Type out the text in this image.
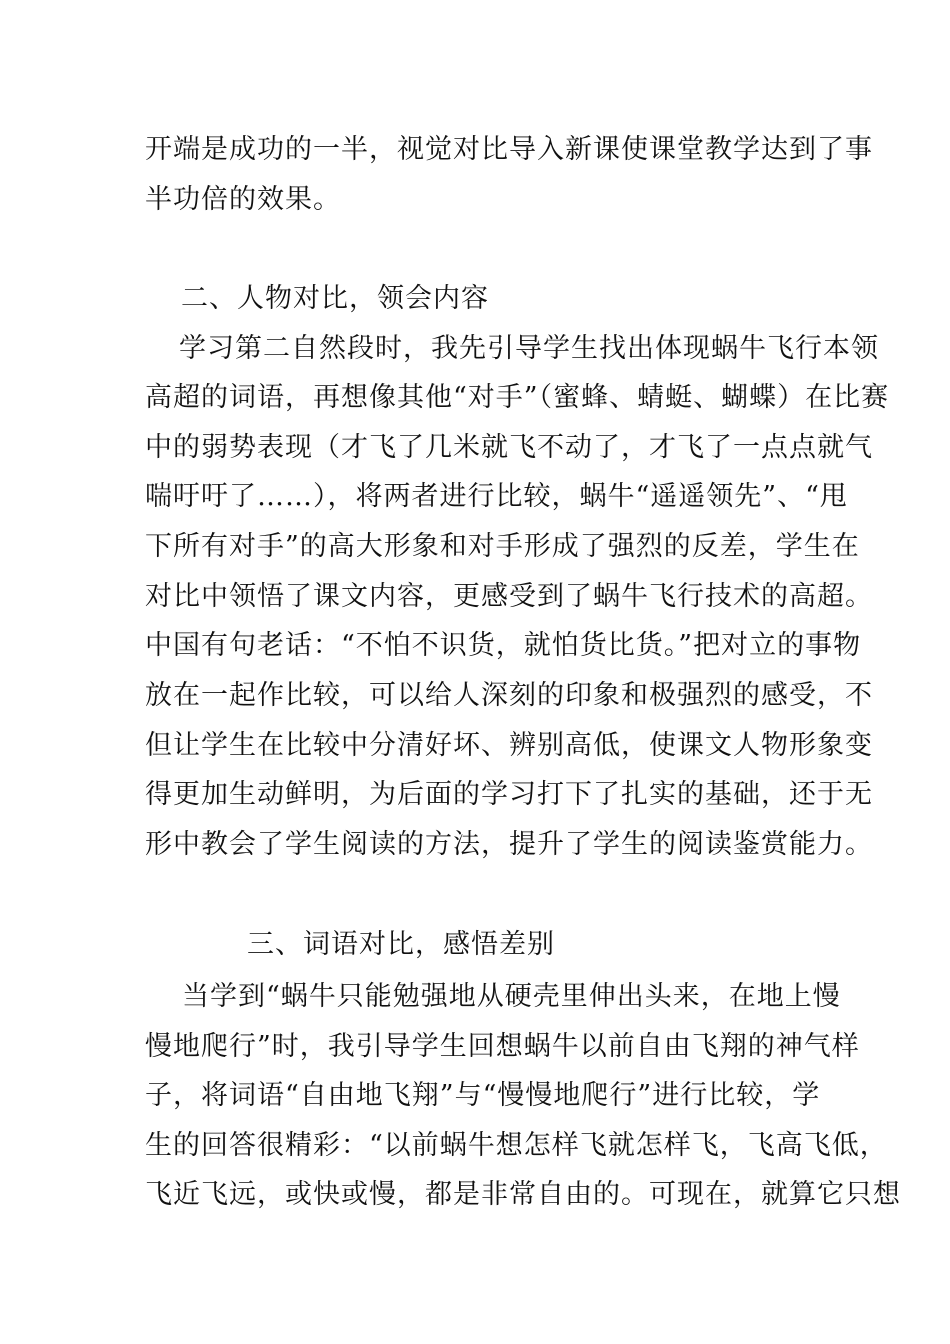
开端是成功的一半，视觉对比导入新课使课堂教学达到了事
半功倍的效果。
二、人物对比，领会内容
学习第二自然段时，我先引导学生找出体现蜗牛飞行本领
高超的词语，再想像其他“对手”（蜜蜂、蜻蜓、蝴蝶）在比赛
中的弱势表现（才飞了几米就飞不动了，才飞了一点点就气
喘吁吁了……），将两者进行比较，蜗牛“遥遥领先”、“甩
下所有对手”的高大形象和对手形成了强烈的反差，学生在
对比中领悟了课文内容，更感受到了蜗牛飞行技术的高超。
中国有句老话：“不怕不识货，就怕货比货。”把对立的事物
放在一起作比较，可以给人深刻的印象和极强烈的感受，不
但让学生在比较中分清好坏、辨别高低，使课文人物形象变
得更加生动鲜明，为后面的学习打下了扎实的基础，还于无
形中教会了学生阅读的方法，提升了学生的阅读鉴赏能力。
三、词语对比，感悟差别
当学到“蜗牛只能勉强地从硬壳里伸出头来，在地上慢
慢地爬行”时，我引导学生回想蜗牛以前自由飞翔的神气样
子，将词语“自由地飞翔”与“慢慢地爬行”进行比较，学
生的回答很精彩：“以前蜗牛想怎样飞就怎样飞，飞高飞低，
飞近飞远，或快或慢，都是非常自由的。可现在，就算它只想
